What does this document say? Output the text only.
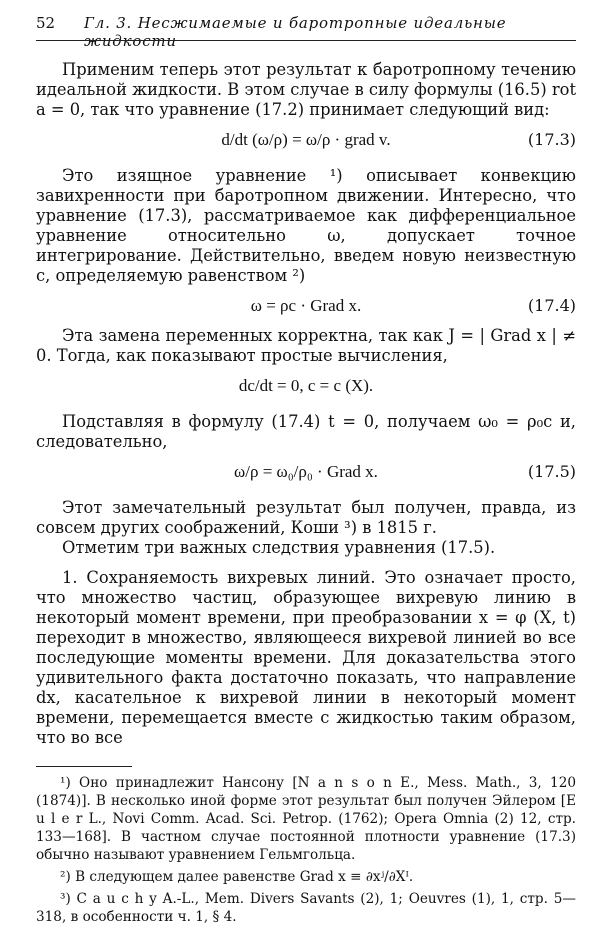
52 Гл. 3. Несжимаемые и баротропные идеальные жидкости

Применим теперь этот результат к баротропному течению идеальной жидкости. В этом случае в силу формулы (16.5) rot a = 0, так что уравнение (17.2) принимает следующий вид:

d/dt (ω/ρ) = ω/ρ · grad v.	(17.3)

Это изящное уравнение ¹) описывает конвекцию завихренности при баротропном движении. Интересно, что уравнение (17.3), рассматриваемое как дифференциальное уравнение относительно ω, допускает точное интегрирование. Действительно, введем новую неизвестную c, определяемую равенством ²)

ω = ρc · Grad x.	(17.4)

Эта замена переменных корректна, так как J = | Grad x | ≠ 0. Тогда, как показывают простые вычисления,

dc/dt = 0, c = c (X).

Подставляя в формулу (17.4) t = 0, получаем ω₀ = ρ₀c и, следовательно,

ω/ρ = ω₀/ρ₀ · Grad x.	(17.5)

Этот замечательный результат был получен, правда, из совсем других соображений, Коши ³) в 1815 г.

Отметим три важных следствия уравнения (17.5).

1. Сохраняемость вихревых линий. Это означает просто, что множество частиц, образующее вихревую линию в некоторый момент времени, при преобразовании x = φ (X, t) переходит в множество, являющееся вихревой линией во все последующие моменты времени. Для доказательства этого удивительного факта достаточно показать, что направление dx, касательное к вихревой линии в некоторый момент времени, перемещается вместе с жидкостью таким образом, что во все

¹) Оно принадлежит Нансону [N a n s o n E., Mess. Math., 3, 120 (1874)]. В несколько иной форме этот результат был получен Эйлером [E u l e r L., Novi Comm. Acad. Sci. Petrop. (1762); Opera Omnia (2) 12, стр. 133—168]. В частном случае постоянной плотности уравнение (17.3) обычно называют уравнением Гельмгольца.

²) В следующем далее равенстве Grad x ≡ ∂xʲ/∂Xᴵ.

³) C a u c h y A.-L., Mem. Divers Savants (2), 1; Oeuvres (1), 1, стр. 5—318, в особенности ч. 1, § 4.
